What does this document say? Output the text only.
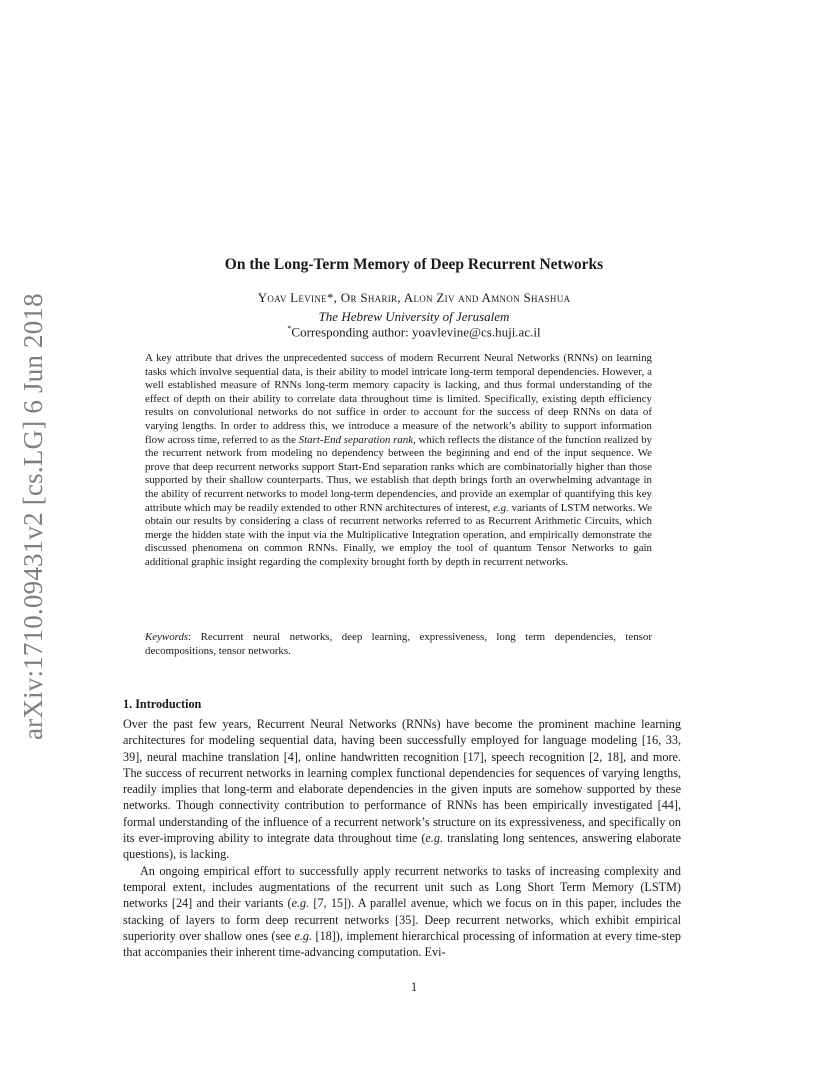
arXiv:1710.09431v2 [cs.LG] 6 Jun 2018
On the Long-Term Memory of Deep Recurrent Networks
Yoav Levine*, Or Sharir, Alon Ziv and Amnon Shashua
The Hebrew University of Jerusalem
*Corresponding author: yoavlevine@cs.huji.ac.il

A key attribute that drives the unprecedented success of modern Recurrent Neural Networks (RNNs) on learning tasks which involve sequential data, is their ability to model intricate long-term temporal dependencies. However, a well established measure of RNNs long-term memory capacity is lacking, and thus formal understanding of the effect of depth on their ability to correlate data throughout time is limited. Specifically, existing depth efficiency results on convolutional networks do not suffice in order to account for the success of deep RNNs on data of varying lengths. In order to address this, we introduce a measure of the network’s ability to support information flow across time, referred to as the Start-End separation rank, which reflects the distance of the function realized by the recurrent network from modeling no dependency between the beginning and end of the input sequence. We prove that deep recurrent networks support Start-End separation ranks which are combinatorially higher than those supported by their shallow counterparts. Thus, we establish that depth brings forth an overwhelming advantage in the ability of recurrent networks to model long-term dependencies, and provide an exemplar of quantifying this key attribute which may be readily extended to other RNN architectures of interest, e.g. variants of LSTM networks. We obtain our results by considering a class of recurrent networks referred to as Recurrent Arithmetic Circuits, which merge the hidden state with the input via the Multiplicative Integration operation, and empirically demonstrate the discussed phenomena on common RNNs. Finally, we employ the tool of quantum Tensor Networks to gain additional graphic insight regarding the complexity brought forth by depth in recurrent networks.

Keywords: Recurrent neural networks, deep learning, expressiveness, long term dependencies, tensor decompositions, tensor networks.

1. Introduction

Over the past few years, Recurrent Neural Networks (RNNs) have become the prominent machine learning architectures for modeling sequential data, having been successfully employed for language modeling [16, 33, 39], neural machine translation [4], online handwritten recognition [17], speech recognition [2, 18], and more. The success of recurrent networks in learning complex functional dependencies for sequences of varying lengths, readily implies that long-term and elaborate dependencies in the given inputs are somehow supported by these networks. Though connectivity contribution to performance of RNNs has been empirically investigated [44], formal understanding of the influence of a recurrent network’s structure on its expressiveness, and specifically on its ever-improving ability to integrate data throughout time (e.g. translating long sentences, answering elaborate questions), is lacking.

An ongoing empirical effort to successfully apply recurrent networks to tasks of increasing complexity and temporal extent, includes augmentations of the recurrent unit such as Long Short Term Memory (LSTM) networks [24] and their variants (e.g. [7, 15]). A parallel avenue, which we focus on in this paper, includes the stacking of layers to form deep recurrent networks [35]. Deep recurrent networks, which exhibit empirical superiority over shallow ones (see e.g. [18]), implement hierarchical processing of information at every time-step that accompanies their inherent time-advancing computation. Evi-

1
